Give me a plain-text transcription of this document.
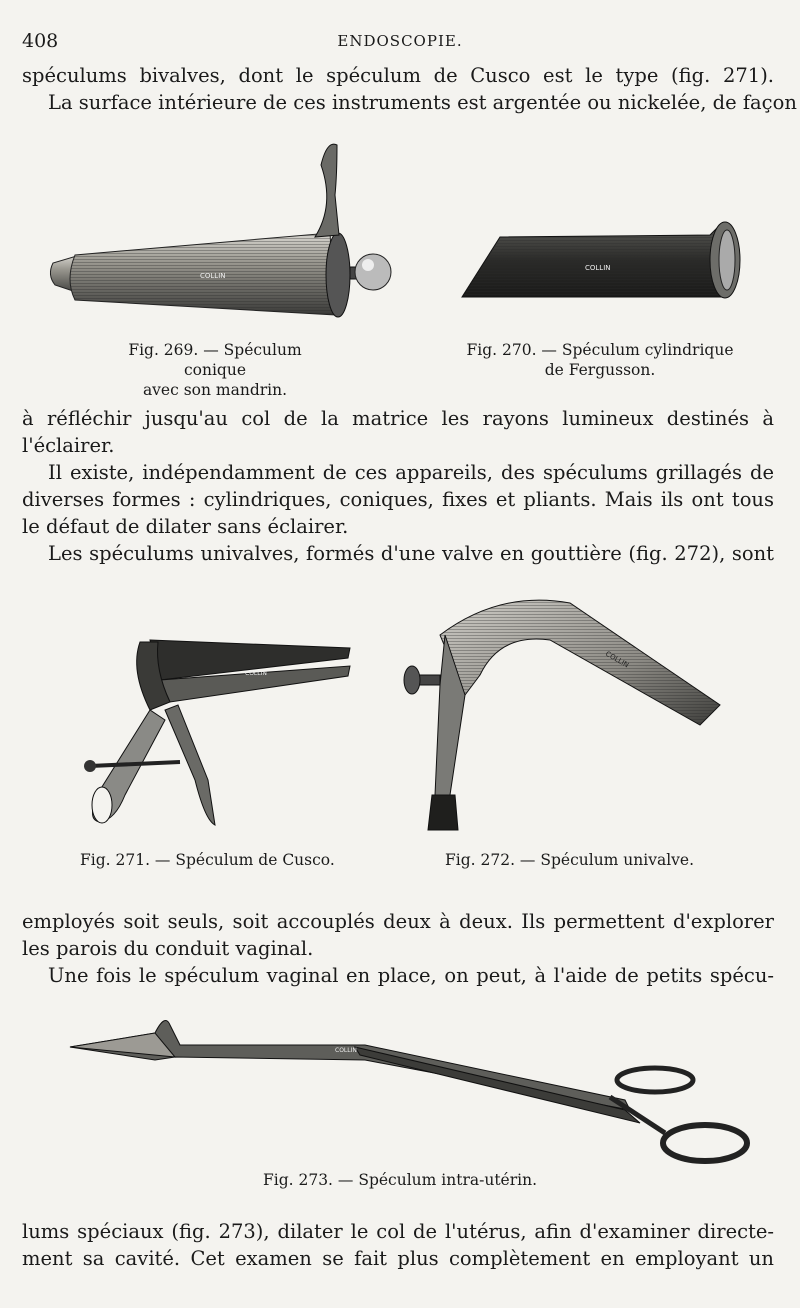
408	ENDOSCOPIE.
spéculums bivalves, dont le spéculum de Cusco est le type (fig. 271).
La surface intérieure de ces instruments est argentée ou nickelée, de façon
COLLIN
COLLIN
Fig. 269. — Spéculum conique
avec son mandrin.
Fig. 270. — Spéculum cylindrique
de Fergusson.
à réfléchir jusqu'au col de la matrice les rayons lumineux destinés à
l'éclairer.
Il existe, indépendamment de ces appareils, des spéculums grillagés de
diverses formes : cylindriques, coniques, fixes et pliants. Mais ils ont tous
le défaut de dilater sans éclairer.
Les spéculums univalves, formés d'une valve en gouttière (fig. 272), sont
COLLIN
COLLIN
Fig. 271. — Spéculum de Cusco.	Fig. 272. — Spéculum univalve.
employés soit seuls, soit accouplés deux à deux. Ils permettent d'explorer
les parois du conduit vaginal.
Une fois le spéculum vaginal en place, on peut, à l'aide de petits spécu-
COLLIN
Fig. 273. — Spéculum intra-utérin.
lums spéciaux (fig. 273), dilater le col de l'utérus, afin d'examiner directe-
ment sa cavité. Cet examen se fait plus complètement en employant un
